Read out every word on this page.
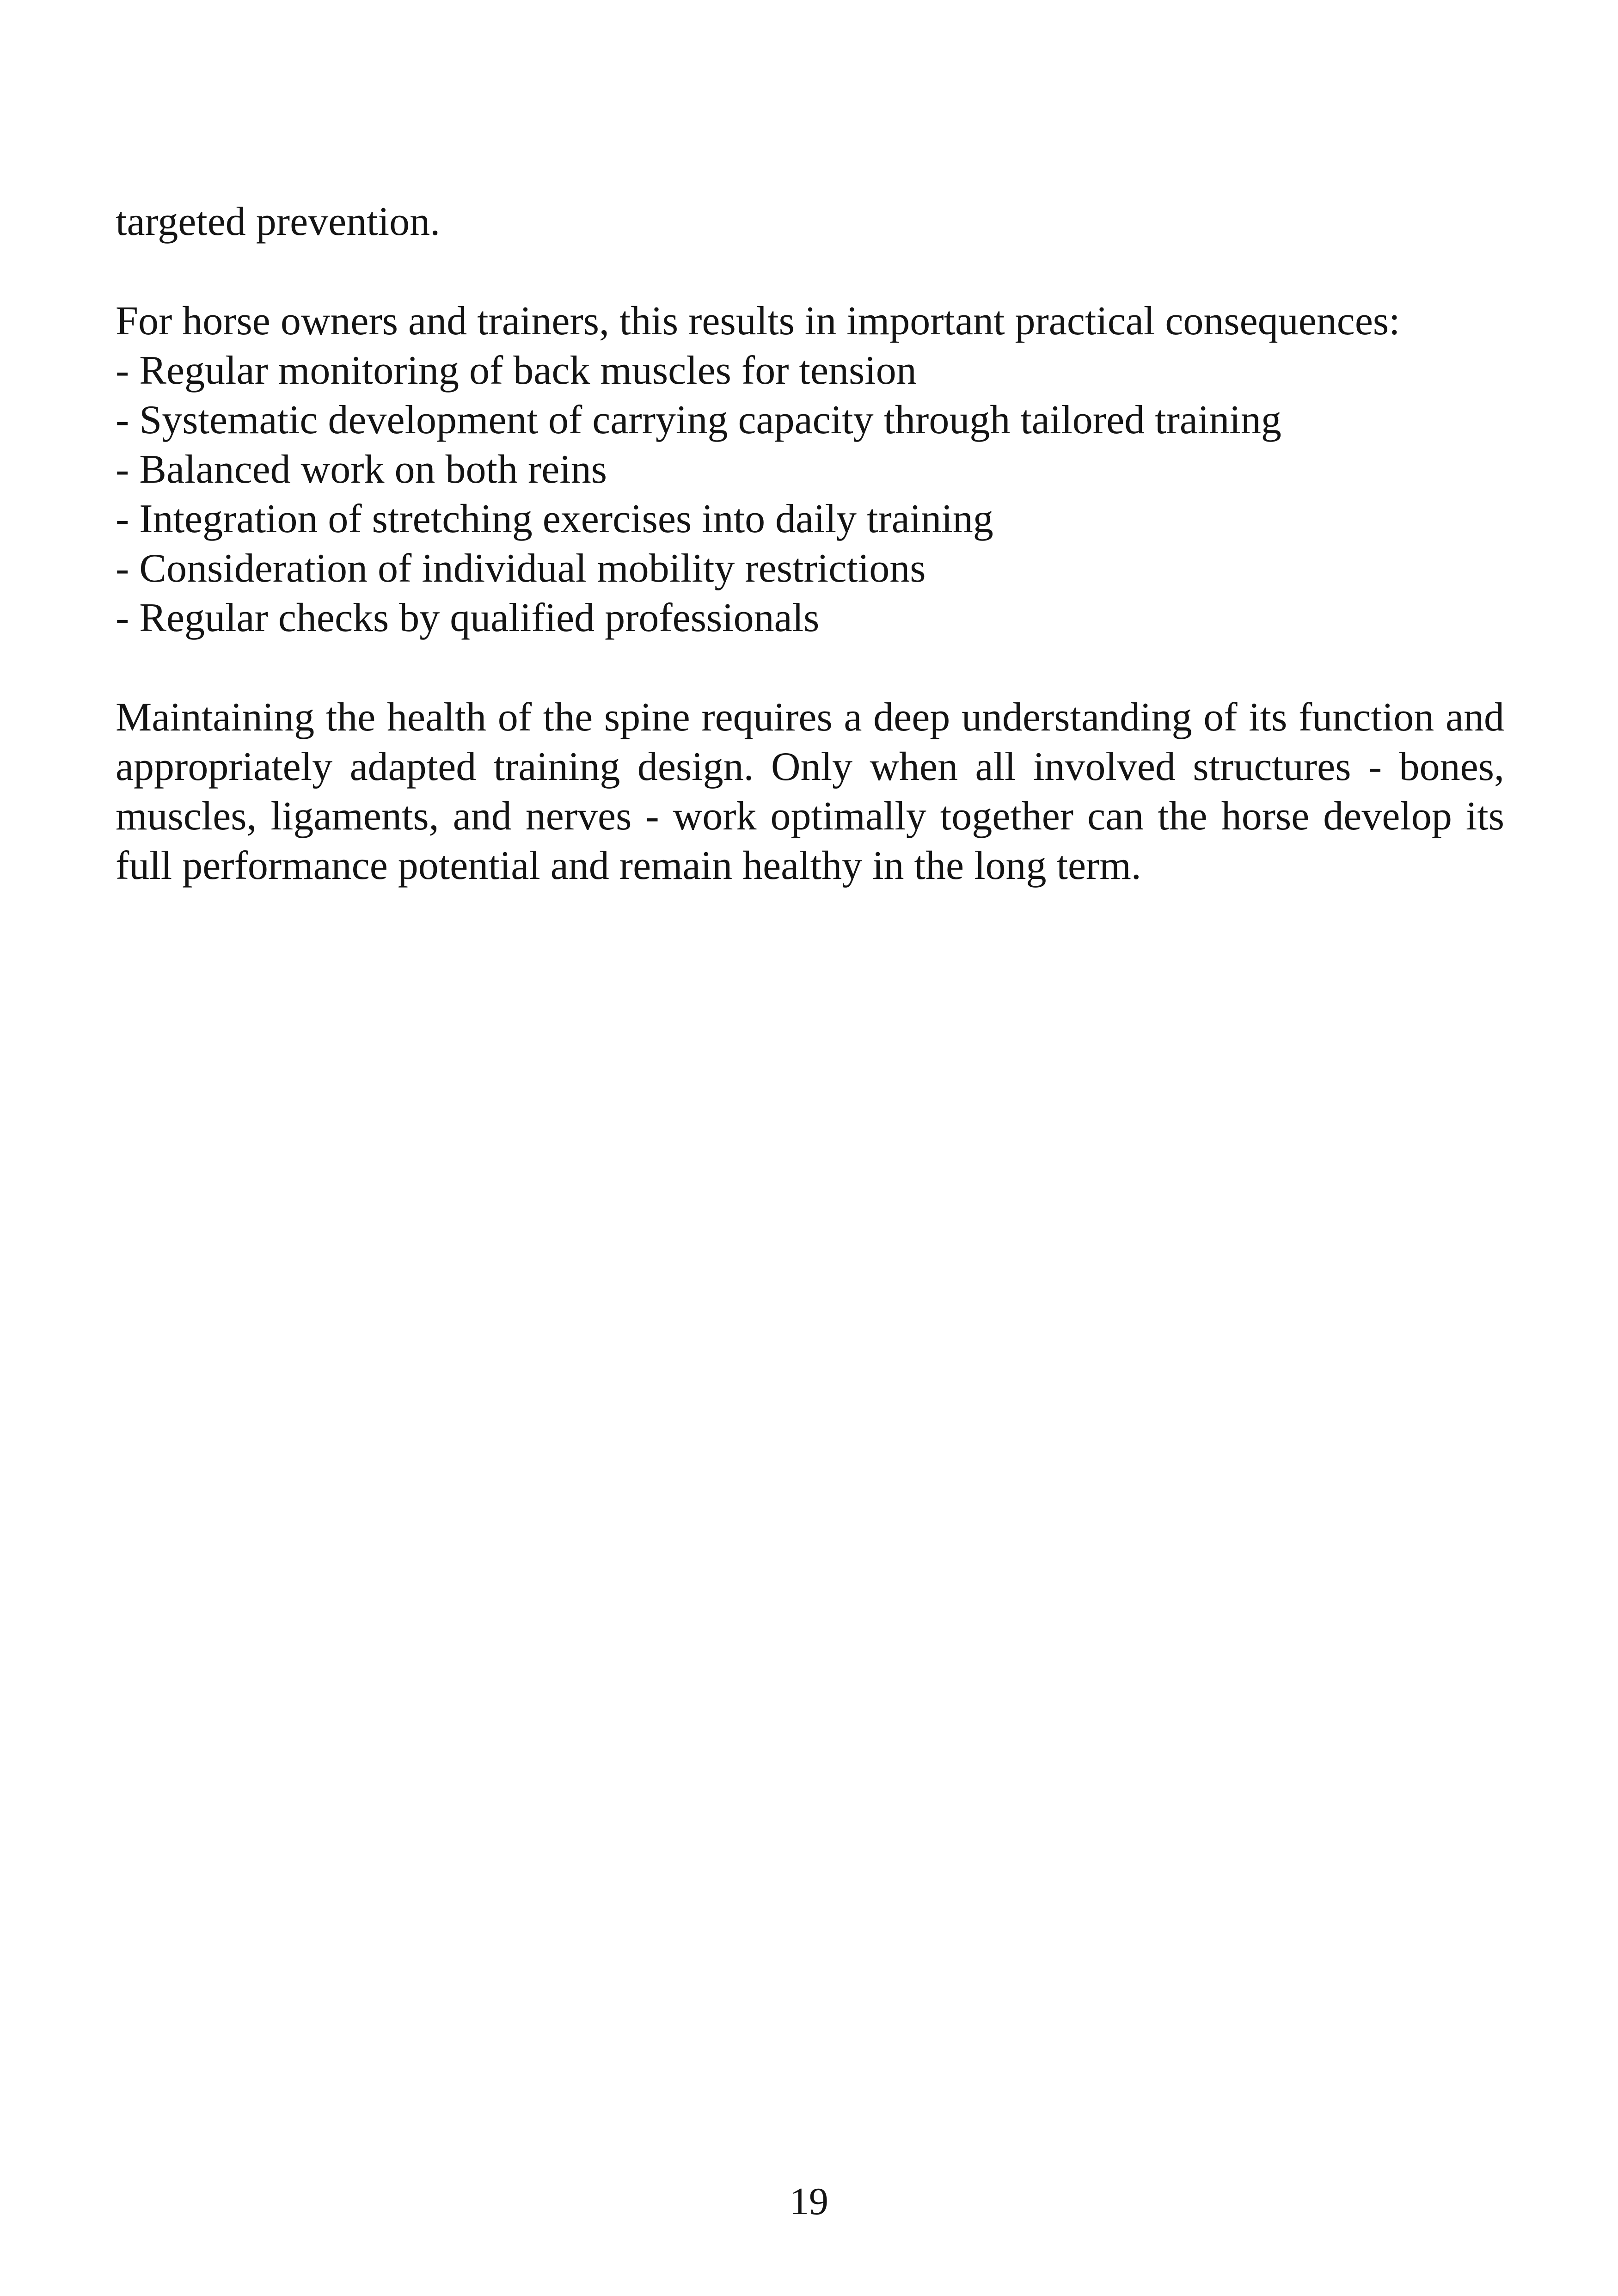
targeted prevention.

For horse owners and trainers, this results in important practical consequences:

- Regular monitoring of back muscles for tension
- Systematic development of carrying capacity through tailored training
- Balanced work on both reins
- Integration of stretching exercises into daily training
- Consideration of individual mobility restrictions
- Regular checks by qualified professionals

Maintaining the health of the spine requires a deep understanding of its function and appropriately adapted training design. Only when all involved structures - bones, muscles, ligaments, and nerves - work optimally together can the horse develop its full performance potential and remain healthy in the long term.

19
